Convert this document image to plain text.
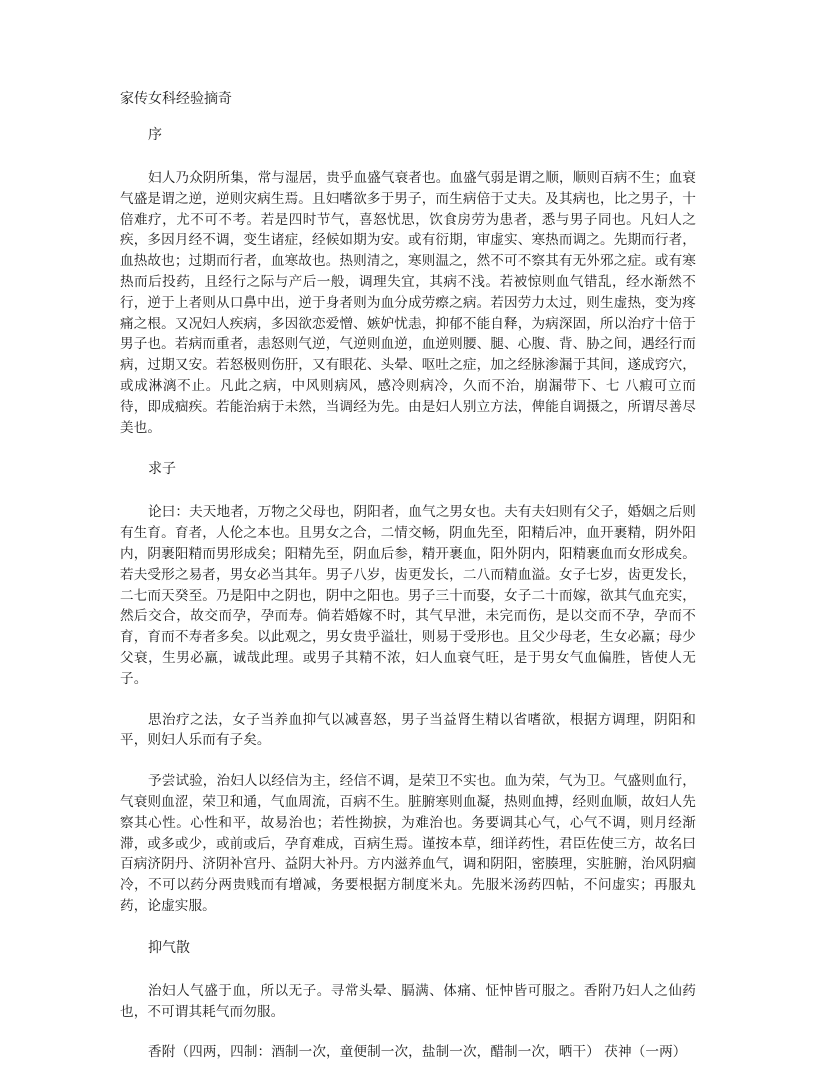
家传女科经验摘奇
序

妇人乃众阴所集，常与湿居，贵乎血盛气衰者也。血盛气弱是谓之顺，顺则百病不生；血衰气盛是谓之逆，逆则灾病生焉。且妇嗜欲多于男子，而生病倍于丈夫。及其病也，比之男子，十倍难疗，尤不可不考。若是四时节气，喜怒忧思，饮食房劳为患者，悉与男子同也。凡妇人之疾，多因月经不调，变生诸症，经候如期为安。或有衍期，审虚实、寒热而调之。先期而行者，血热故也；过期而行者，血寒故也。热则清之，寒则温之，然不可不察其有无外邪之症。或有寒热而后投药，且经行之际与产后一般，调理失宜，其病不浅。若被惊则血气错乱，经水渐然不行，逆于上者则从口鼻中出，逆于身者则为血分成劳瘵之病。若因劳力太过，则生虚热，变为疼痛之根。又况妇人疾病，多因欲恋爱憎、嫉妒忧恚，抑郁不能自释，为病深固，所以治疗十倍于男子也。若病而重者，恚怒则气逆，气逆则血逆，血逆则腰、腿、心腹、背、胁之间，遇经行而病，过期又安。若怒极则伤肝，又有眼花、头晕、呕吐之症，加之经脉渗漏于其间，遂成窍穴，或成淋漓不止。凡此之病，中风则病风，感冷则病冷，久而不治，崩漏带下、七 八瘕可立而待，即成痼疾。若能治病于未然，当调经为先。由是妇人别立方法，俾能自调摄之，所谓尽善尽美也。

求子

论曰：夫天地者，万物之父母也，阴阳者，血气之男女也。夫有夫妇则有父子，婚姻之后则有生育。育者，人伦之本也。且男女之合，二情交畅，阴血先至，阳精后冲，血开裹精，阴外阳内，阴裹阳精而男形成矣；阳精先至，阴血后参，精开裹血，阳外阴内，阳精裹血而女形成矣。若夫受形之易者，男女必当其年。男子八岁，齿更发长，二八而精血溢。女子七岁，齿更发长，二七而天癸至。乃是阳中之阴也，阴中之阳也。男子三十而娶，女子二十而嫁，欲其气血充实，然后交合，故交而孕，孕而寿。倘若婚嫁不时，其气早泄，未完而伤，是以交而不孕，孕而不育，育而不寿者多矣。以此观之，男女贵乎溢壮，则易于受形也。且父少母老，生女必羸；母少父衰，生男必羸，诚哉此理。或男子其精不浓，妇人血衰气旺，是于男女气血偏胜，皆使人无子。

思治疗之法，女子当养血抑气以减喜怒，男子当益肾生精以省嗜欲，根据方调理，阴阳和平，则妇人乐而有子矣。

予尝试验，治妇人以经信为主，经信不调，是荣卫不实也。血为荣，气为卫。气盛则血行，气衰则血涩，荣卫和通，气血周流，百病不生。脏腑寒则血凝，热则血搏，经则血顺，故妇人先察其心性。心性和平，故易治也；若性拗捩，为难治也。务要调其心气，心气不调，则月经渐滞，或多或少，或前或后，孕育难成，百病生焉。谨按本草，细详药性，君臣佐使三方，故名曰百病济阴丹、济阴补宫丹、益阴大补丹。方内滋养血气，调和阴阳，密腠理，实脏腑，治风阴痼冷，不可以药分两贵贱而有增减，务要根据方制度米丸。先服米汤药四帖，不问虚实；再服丸药，论虚实服。

抑气散

治妇人气盛于血，所以无子。寻常头晕、膈满、体痛、怔忡皆可服之。香附乃妇人之仙药也，不可谓其耗气而勿服。

香附（四两，四制：酒制一次，童便制一次，盐制一次，醋制一次，晒干） 茯神（一两）
